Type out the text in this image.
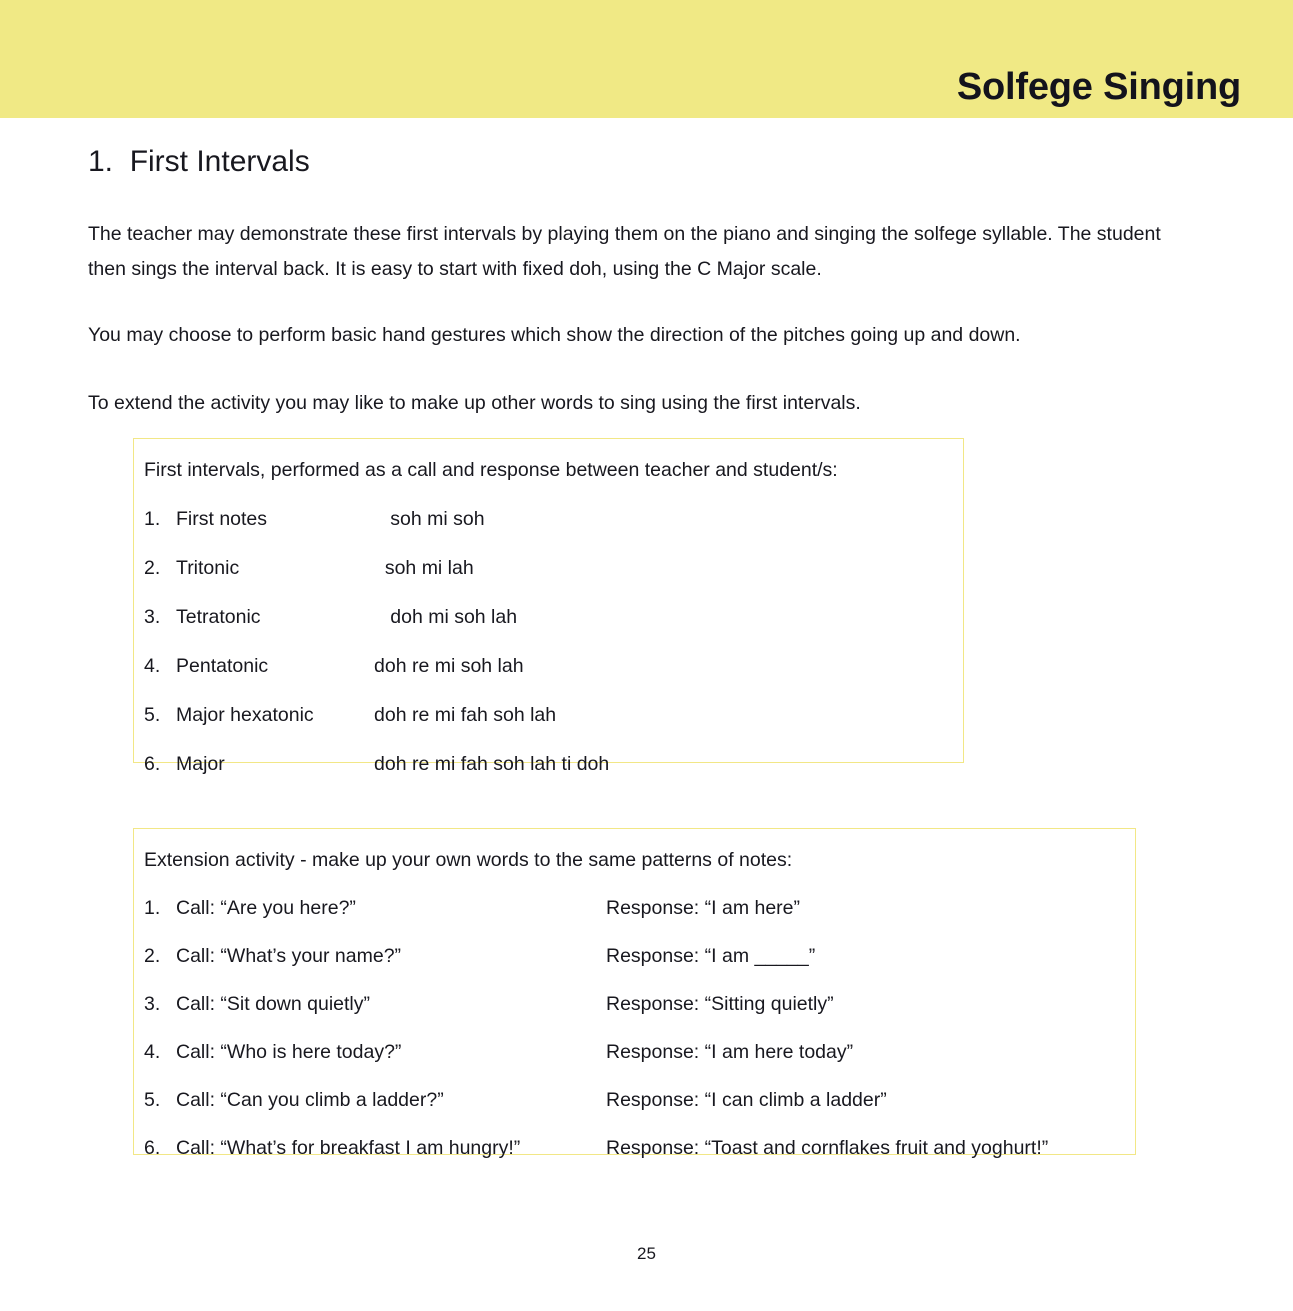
Solfege Singing
1.  First Intervals

The teacher may demonstrate these first intervals by playing them on the piano and singing the solfege syllable. The student then sings the interval back. It is easy to start with fixed doh, using the C Major scale.

You may choose to perform basic hand gestures which show the direction of the pitches going up and down.

To extend the activity you may like to make up other words to sing using the first intervals.

First intervals, performed as a call and response between teacher and student/s:
1. First notes	soh mi soh
2. Tritonic	soh mi lah
3. Tetratonic	doh mi soh lah
4. Pentatonic	doh re mi soh lah
5. Major hexatonic	doh re mi fah soh lah
6. Major	doh re mi fah soh lah ti doh
Extension activity - make up your own words to the same patterns of notes:
1. Call: “Are you here?”	Response: “I am here”
2. Call: “What’s your name?”	Response: “I am _____”
3. Call: “Sit down quietly”	Response: “Sitting quietly”
4. Call: “Who is here today?”	Response: “I am here today”
5. Call: “Can you climb a ladder?”	Response: “I can climb a ladder”
6. Call: “What’s for breakfast I am hungry!”	Response: “Toast and cornflakes fruit and yoghurt!”
25
